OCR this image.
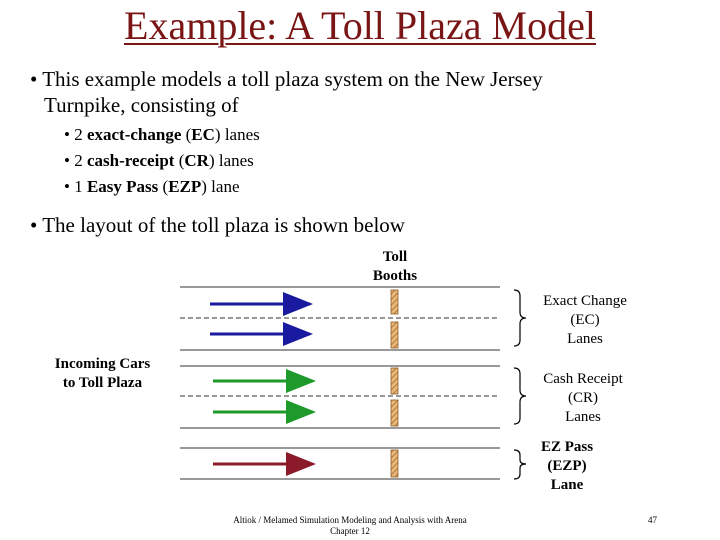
Example: A Toll Plaza Model
• This example models a toll plaza system on the New Jersey
Turnpike, consisting of
• 2 exact-change (EC) lanes
• 2 cash-receipt (CR) lanes
• 1 Easy Pass (EZP) lane
• The layout of the toll plaza is shown below
Toll
Booths
Incoming Cars
to Toll Plaza
Exact Change
(EC)
Lanes
Cash Receipt
(CR)
Lanes
EZ Pass
(EZP)
Lane
Altiok / Melamed Simulation Modeling and Analysis with Arena
Chapter 12
47
